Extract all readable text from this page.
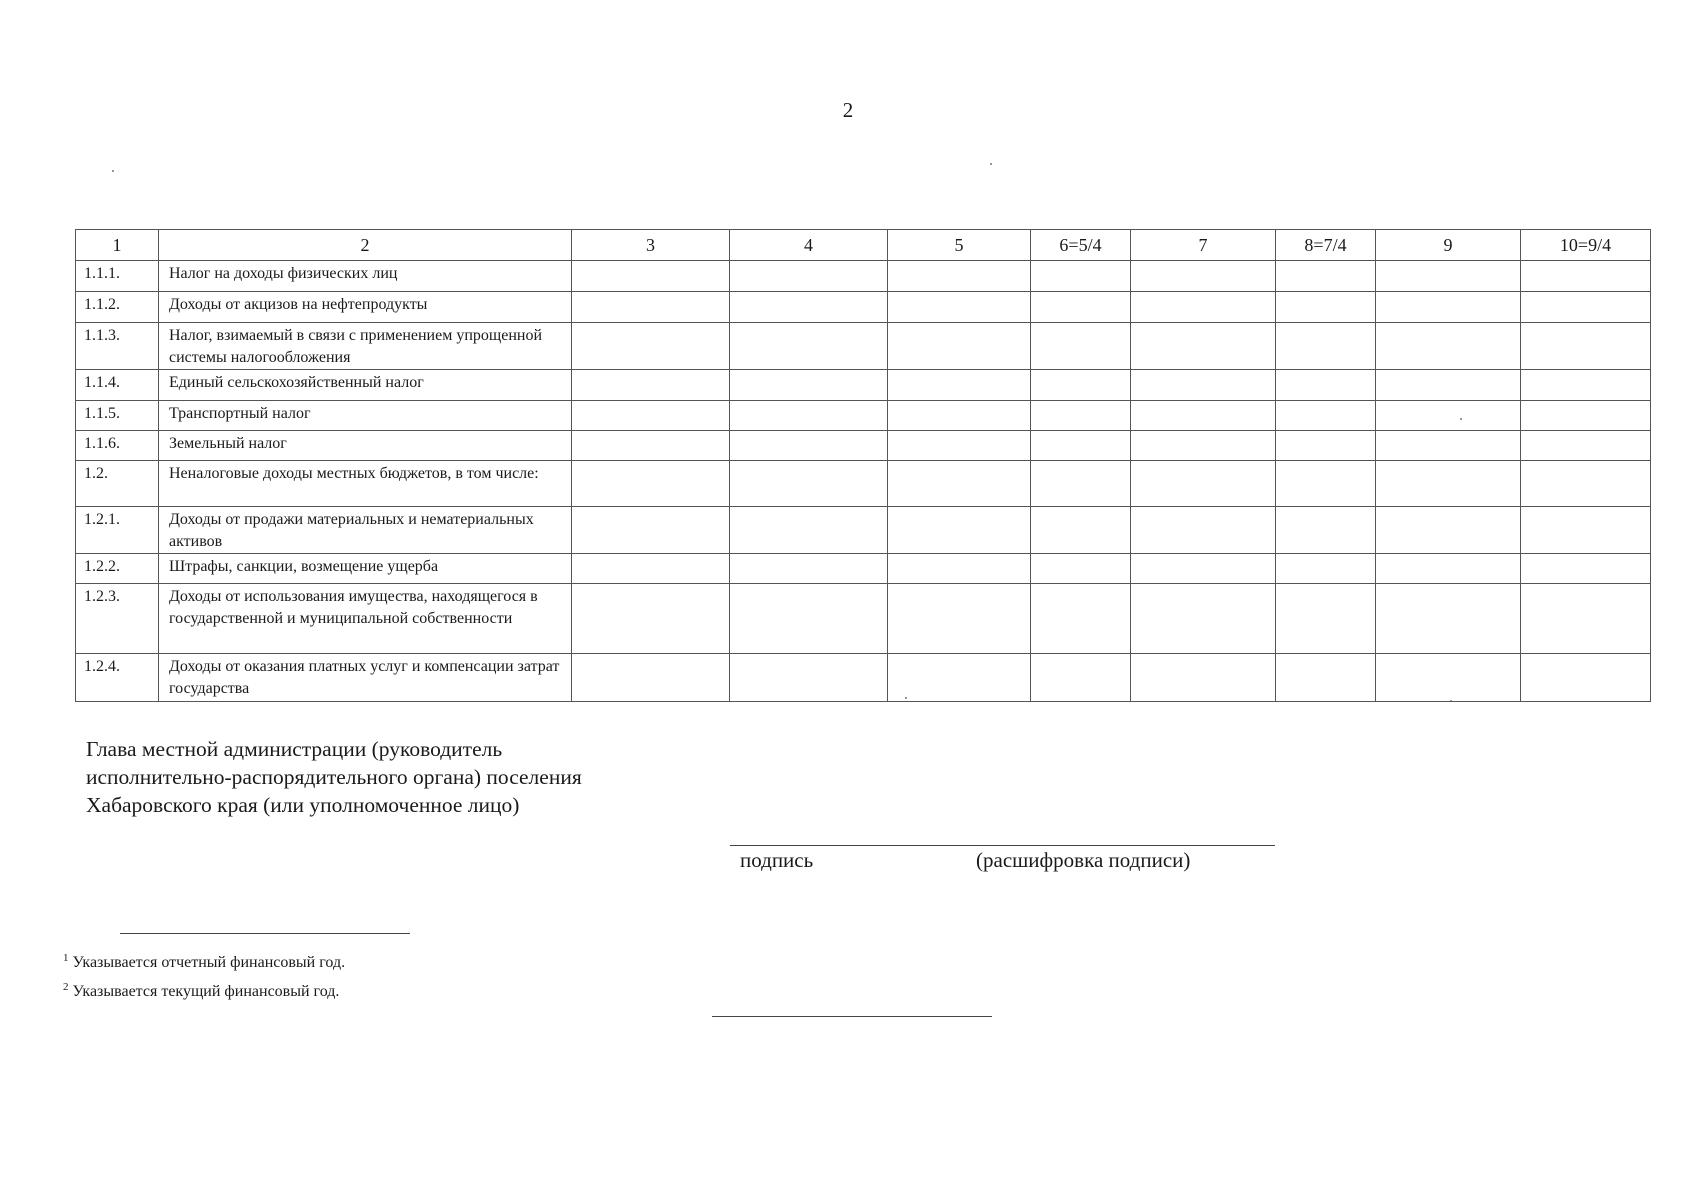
2
1	2	3	4	5	6=5/4	7	8=7/4	9	10=9/4
1.1.1.	Налог на доходы физических лиц								
1.1.2.	Доходы от акцизов на нефтепродукты								
1.1.3.	Налог, взимаемый в связи с применением упрощенной системы налогообложения								
1.1.4.	Единый сельскохозяйственный налог								
1.1.5.	Транспортный налог								
1.1.6.	Земельный налог								
1.2.	Неналоговые доходы местных бюджетов, в том числе:								
1.2.1.	Доходы от продажи материальных и нематериальных активов								
1.2.2.	Штрафы, санкции, возмещение ущерба								
1.2.3.	Доходы от использования имущества, находящегося в государственной и муниципальной собственности								
1.2.4.	Доходы от оказания платных услуг и компенсации затрат государства								
Глава местной администрации (руководитель исполнительно-распорядительного органа) поселения Хабаровского края (или уполномоченное лицо)
подпись	(расшифровка подписи)
$^1$ Указывается отчетный финансовый год.
$^2$ Указывается текущий финансовый год.
